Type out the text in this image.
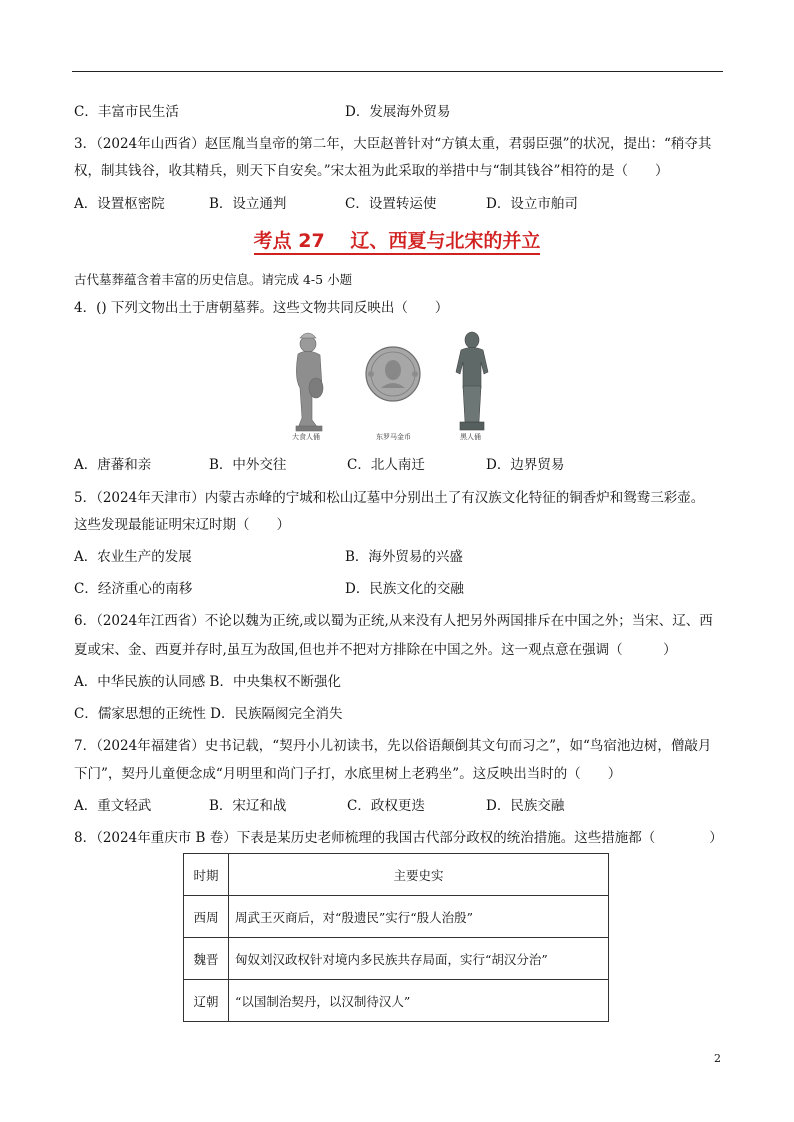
C．丰富市民生活	D．发展海外贸易
3．（2024年山西省）赵匡胤当皇帝的第二年，大臣赵普针对“方镇太重，君弱臣强”的状况，提出：“稍夺其
权，制其钱谷，收其精兵，则天下自安矣。”宋太祖为此采取的举措中与“制其钱谷”相符的是（　　）
A．设置枢密院	B．设立通判	C．设置转运使	D．设立市舶司
考点 27　 辽、西夏与北宋的并立
古代墓葬蕴含着丰富的历史信息。请完成 4-5 小题
4．() 下列文物出土于唐朝墓葬。这些文物共同反映出（　　）
大食人俑	东罗马金币	黑人俑
A．唐蕃和亲	B．中外交往	C．北人南迁	D．边界贸易
5．（2024年天津市）内蒙古赤峰的宁城和松山辽墓中分别出土了有汉族文化特征的铜香炉和鸳鸯三彩壶。
这些发现最能证明宋辽时期（　　）
A．农业生产的发展	B．海外贸易的兴盛
C．经济重心的南移	D．民族文化的交融
6．（2024年江西省）不论以魏为正统,或以蜀为正统,从来没有人把另外两国排斥在中国之外；当宋、辽、西
夏或宋、金、西夏并存时,虽互为敌国,但也并不把对方排除在中国之外。这一观点意在强调（　　　）
A．中华民族的认同感 B．中央集权不断强化
C．儒家思想的正统性 D．民族隔阂完全消失
7．（2024年福建省）史书记载，“契丹小儿初读书，先以俗语颠倒其文句而习之”，如“鸟宿池边树，僧敲月
下门”，契丹儿童便念成“月明里和尚门子打，水底里树上老鸦坐”。这反映出当时的（　　）
A．重文轻武	B．宋辽和战	C．政权更迭	D．民族交融
8．（2024年重庆市 B 卷）下表是某历史老师梳理的我国古代部分政权的统治措施。这些措施都（　　　　）
时期	主要史实
西周	周武王灭商后，对“殷遗民”实行“殷人治殷”
魏晋	匈奴刘汉政权针对境内多民族共存局面，实行“胡汉分治”
辽朝	“以国制治契丹，以汉制待汉人”
2
